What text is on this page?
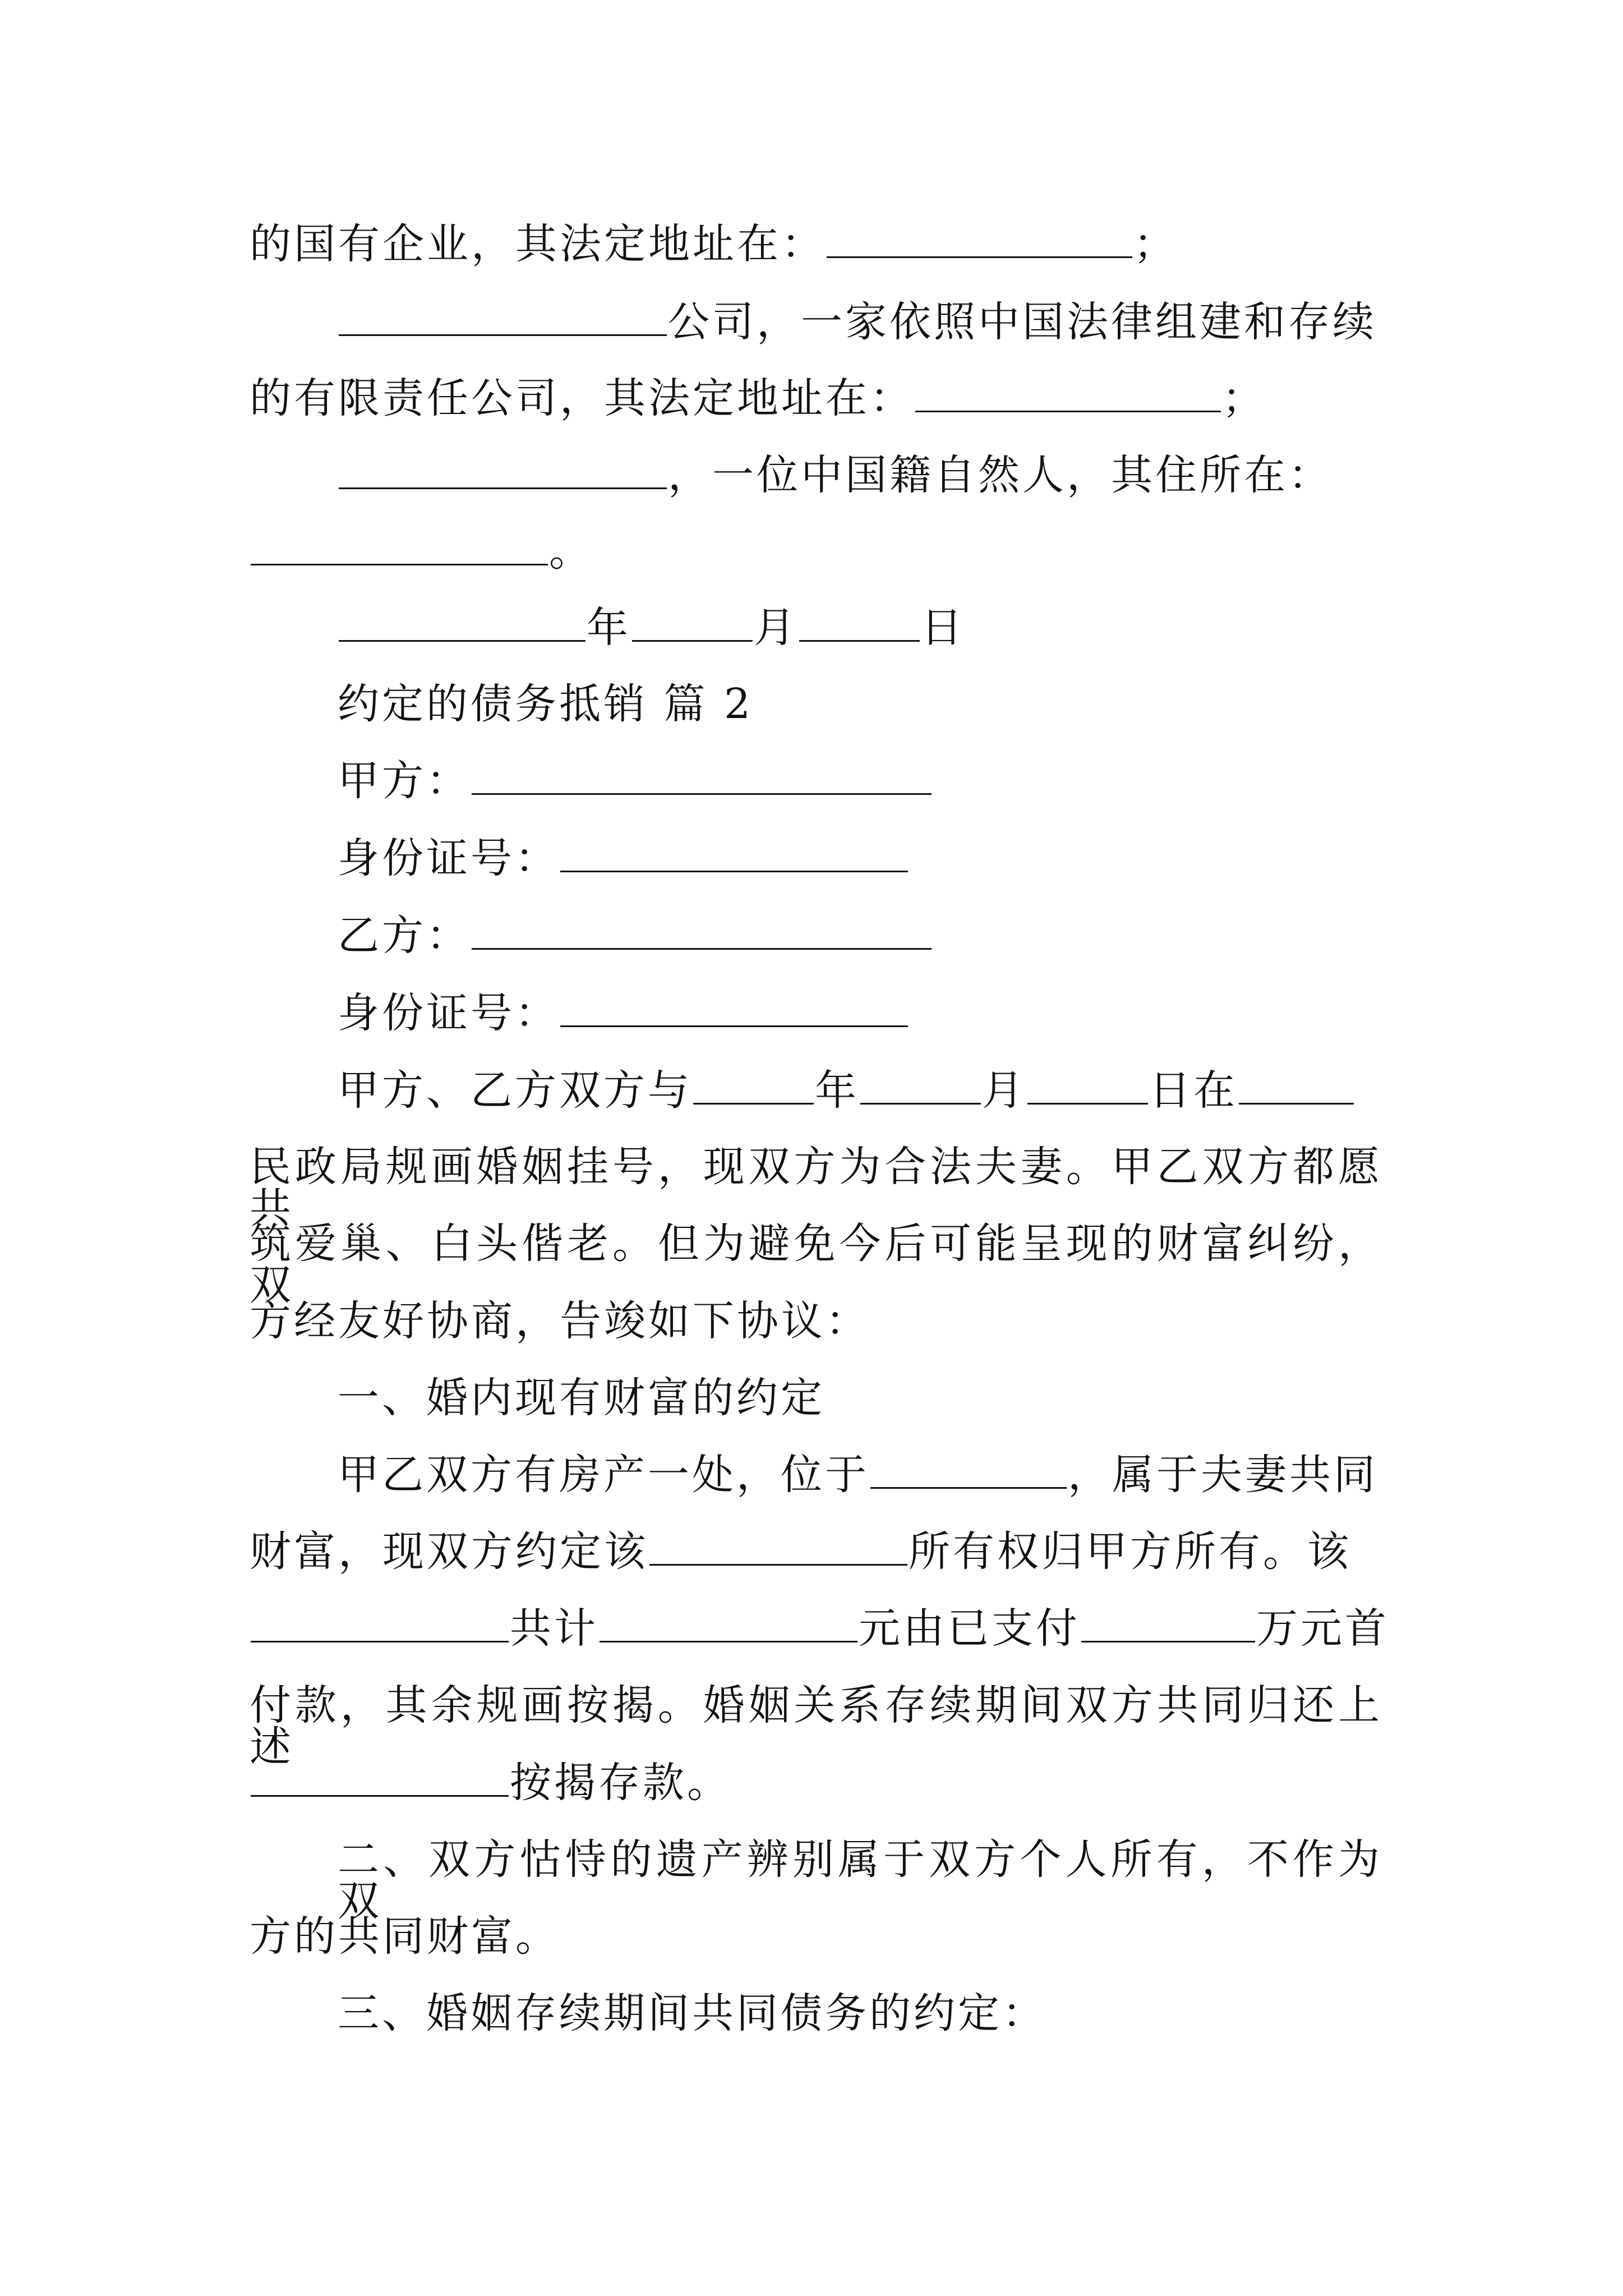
的国有企业，其法定地址在：	；
公司，一家依照中国法律组建和存续
的有限责任公司，其法定地址在：	；
，一位中国籍自然人，其住所在：
。
年	月	日
约定的债务抵销 篇 2
甲方：
身份证号：
乙方：
身份证号：
甲方、乙方双方与	年	月	日在
民政局规画婚姻挂号，现双方为合法夫妻。甲乙双方都愿共
筑爱巢、白头偕老。但为避免今后可能呈现的财富纠纷，双
方经友好协商，告竣如下协议：
一、婚内现有财富的约定
甲乙双方有房产一处，位于	，属于夫妻共同
财富，现双方约定该	所有权归甲方所有。该
共计	元由已支付	万元首
付款，其余规画按揭。婚姻关系存续期间双方共同归还上述
按揭存款。
二、双方怙恃的遗产辨别属于双方个人所有，不作为双
方的共同财富。
三、婚姻存续期间共同债务的约定：
